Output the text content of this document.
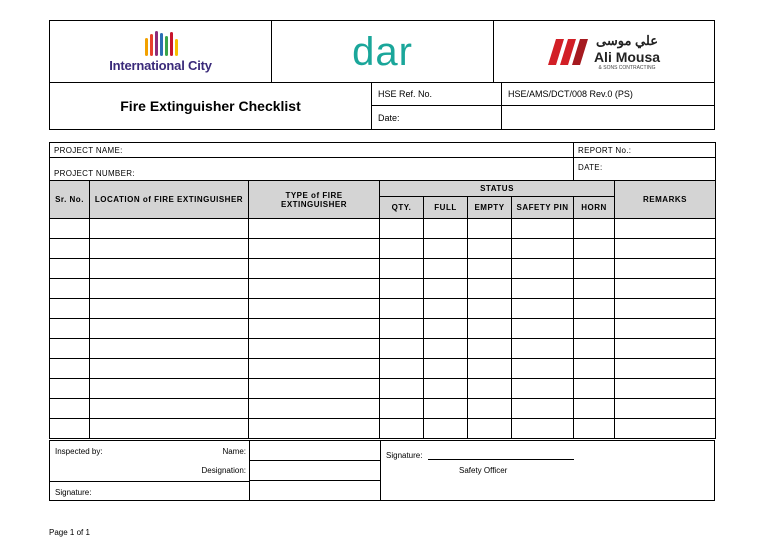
International City	dar	علي موسى
Ali Mousa
& SONS CONTRACTING
Fire Extinguisher Checklist
HSE Ref. No.	HSE/AMS/DCT/008 Rev.0 (PS)
Date:
PROJECT NAME:							REPORT No.:	
PROJECT NUMBER:							DATE:	
Sr. No.	LOCATION of FIRE EXTINGUISHER	TYPE of FIRE EXTINGUISHER	STATUS					REMARKS
			QTY.	FULL	EMPTY	SAFETY PIN	HORN	

Inspected by:	Name:
Designation:
Signature:
Signature:
Safety Officer
Page 1 of 1
